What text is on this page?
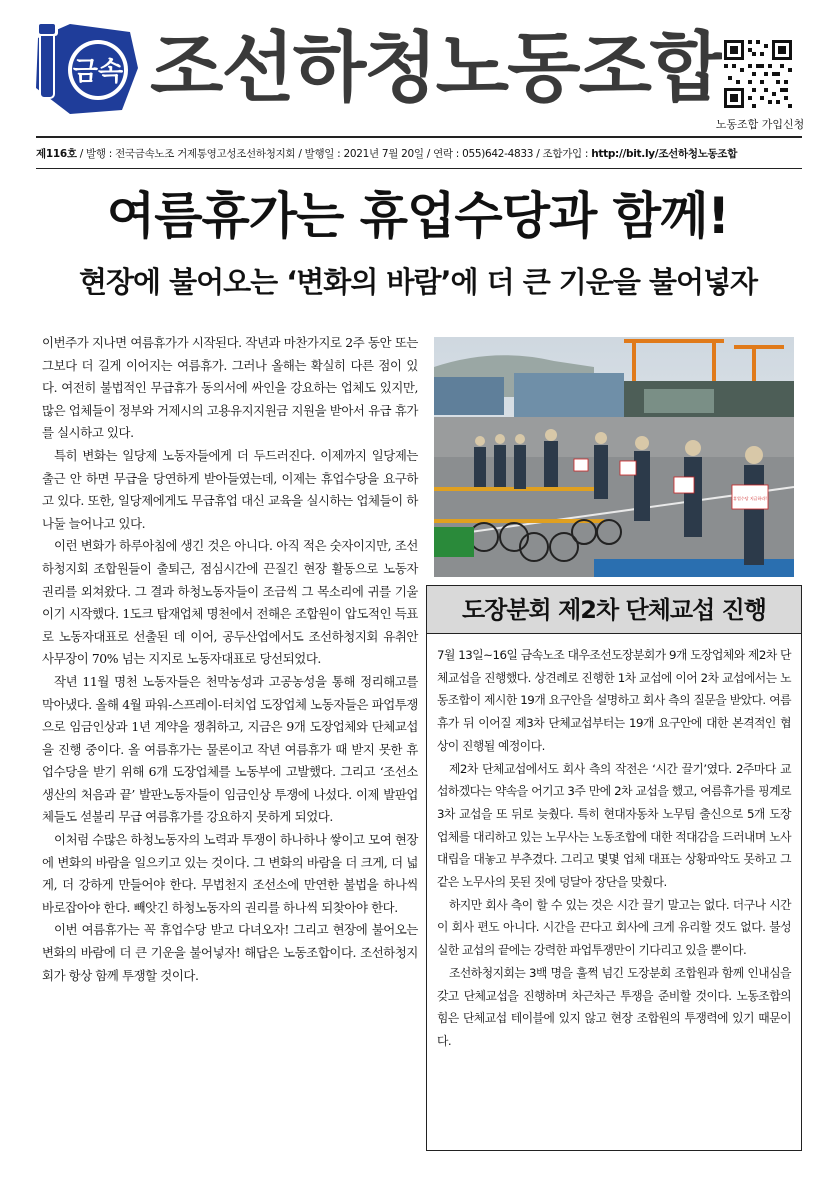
금속 조선하청노동조합
노동조합 가입신청
제116호 / 발행 : 전국금속노조 거제통영고성조선하청지회 / 발행일 : 2021년 7월 20일 / 연락 : 055)642-4833 / 조합가입 : http://bit.ly/조선하청노동조합
여름휴가는 휴업수당과 함께!
현장에 불어오는 ‘변화의 바람’에 더 큰 기운을 불어넣자

이번주가 지나면 여름휴가가 시작된다. 작년과 마찬가지로 2주 동안 또는 그보다 더 길게 이어지는 여름휴가. 그러나 올해는 확실히 다른 점이 있다. 여전히 불법적인 무급휴가 동의서에 싸인을 강요하는 업체도 있지만, 많은 업체들이 정부와 거제시의 고용유지지원금 지원을 받아서 유급 휴가를 실시하고 있다.

특히 변화는 일당제 노동자들에게 더 두드러진다. 이제까지 일당제는 출근 안 하면 무급을 당연하게 받아들였는데, 이제는 휴업수당을 요구하고 있다. 또한, 일당제에게도 무급휴업 대신 교육을 실시하는 업체들이 하나둘 늘어나고 있다.

이런 변화가 하루아침에 생긴 것은 아니다. 아직 적은 숫자이지만, 조선하청지회 조합원들이 출퇴근, 점심시간에 끈질긴 현장 활동으로 노동자 권리를 외쳐왔다. 그 결과 하청노동자들이 조금씩 그 목소리에 귀를 기울이기 시작했다. 1도크 탑재업체 명천에서 전해은 조합원이 압도적인 득표로 노동자대표로 선출된 데 이어, 공두산업에서도 조선하청지회 유취안 사무장이 70% 넘는 지지로 노동자대표로 당선되었다.

작년 11월 명천 노동자들은 천막농성과 고공농성을 통해 정리해고를 막아냈다. 올해 4월 파워-스프레이-터치업 도장업체 노동자들은 파업투쟁으로 임금인상과 1년 계약을 쟁취하고, 지금은 9개 도장업체와 단체교섭을 진행 중이다. 올 여름휴가는 물론이고 작년 여름휴가 때 받지 못한 휴업수당을 받기 위해 6개 도장업체를 노동부에 고발했다. 그리고 ‘조선소 생산의 처음과 끝’ 발판노동자들이 임금인상 투쟁에 나섰다. 이제 발판업체들도 섣불리 무급 여름휴가를 강요하지 못하게 되었다.

이처럼 수많은 하청노동자의 노력과 투쟁이 하나하나 쌓이고 모여 현장에 변화의 바람을 일으키고 있는 것이다. 그 변화의 바람을 더 크게, 더 넓게, 더 강하게 만들어야 한다. 무법천지 조선소에 만연한 불법을 하나씩 바로잡아야 한다. 빼앗긴 하청노동자의 권리를 하나씩 되찾아야 한다.

이번 여름휴가는 꼭 휴업수당 받고 다녀오자! 그리고 현장에 불어오는 변화의 바람에 더 큰 기운을 불어넣자! 해답은 노동조합이다. 조선하청지회가 항상 함께 투쟁할 것이다.

휴업수당 지급하라!
도장분회 제2차 단체교섭 진행

7월 13일~16일 금속노조 대우조선도장분회가 9개 도장업체와 제2차 단체교섭을 진행했다. 상견례로 진행한 1차 교섭에 이어 2차 교섭에서는 노동조합이 제시한 19개 요구안을 설명하고 회사 측의 질문을 받았다. 여름휴가 뒤 이어질 제3차 단체교섭부터는 19개 요구안에 대한 본격적인 협상이 진행될 예정이다.

제2차 단체교섭에서도 회사 측의 작전은 ‘시간 끌기’였다. 2주마다 교섭하겠다는 약속을 어기고 3주 만에 2차 교섭을 했고, 여름휴가를 핑계로 3차 교섭을 또 뒤로 늦췄다. 특히 현대자동차 노무팀 출신으로 5개 도장업체를 대리하고 있는 노무사는 노동조합에 대한 적대감을 드러내며 노사 대립을 대놓고 부추겼다. 그리고 몇몇 업체 대표는 상황파악도 못하고 그 같은 노무사의 못된 짓에 덩달아 장단을 맞췄다.

하지만 회사 측이 할 수 있는 것은 시간 끌기 말고는 없다. 더구나 시간이 회사 편도 아니다. 시간을 끈다고 회사에 크게 유리할 것도 없다. 불성실한 교섭의 끝에는 강력한 파업투쟁만이 기다리고 있을 뿐이다.

조선하청지회는 3백 명을 훌쩍 넘긴 도장분회 조합원과 함께 인내심을 갖고 단체교섭을 진행하며 차근차근 투쟁을 준비할 것이다. 노동조합의 힘은 단체교섭 테이블에 있지 않고 현장 조합원의 투쟁력에 있기 때문이다.
